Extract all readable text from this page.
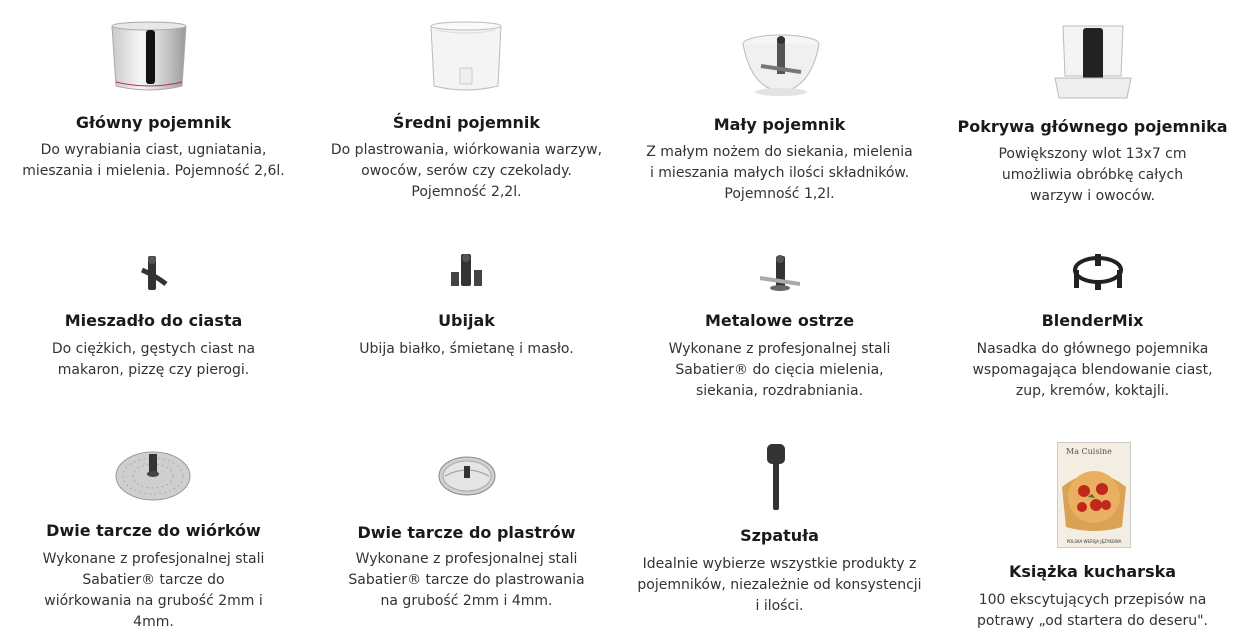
Główny pojemnik

Do wyrabiania ciast, ugniatania, mieszania i mielenia. Pojemność 2,6l.

Średni pojemnik

Do plastrowania, wiórkowania warzyw, owoców, serów czy czekolady. Pojemność 2,2l.

Mały pojemnik

Z małym nożem do siekania, mielenia i mieszania małych ilości składników. Pojemność 1,2l.

Pokrywa głównego pojemnika

Powiększony wlot 13x7 cm umożliwia obróbkę całych warzyw i owoców.

Mieszadło do ciasta

Do ciężkich, gęstych ciast na makaron, pizzę czy pierogi.

Ubijak

Ubija białko, śmietanę i masło.

Metalowe ostrze

Wykonane z profesjonalnej stali Sabatier® do cięcia mielenia, siekania, rozdrabniania.

BlenderMix

Nasadka do głównego pojemnika wspomagająca blendowanie ciast, zup, kremów, koktajli.

Dwie tarcze do wiórków

Wykonane z profesjonalnej stali Sabatier® tarcze do wiórkowania na grubość 2mm i 4mm.

Dwie tarcze do plastrów

Wykonane z profesjonalnej stali Sabatier® tarcze do plastrowania na grubość 2mm i 4mm.

Szpatuła

Idealnie wybierze wszystkie produkty z pojemników, niezależnie od konsystencji i ilości.

Ma Cuisine
POLSKA WERSJA JĘZYKOWA
Książka kucharska

100 ekscytujących przepisów na potrawy „od startera do deseru".
